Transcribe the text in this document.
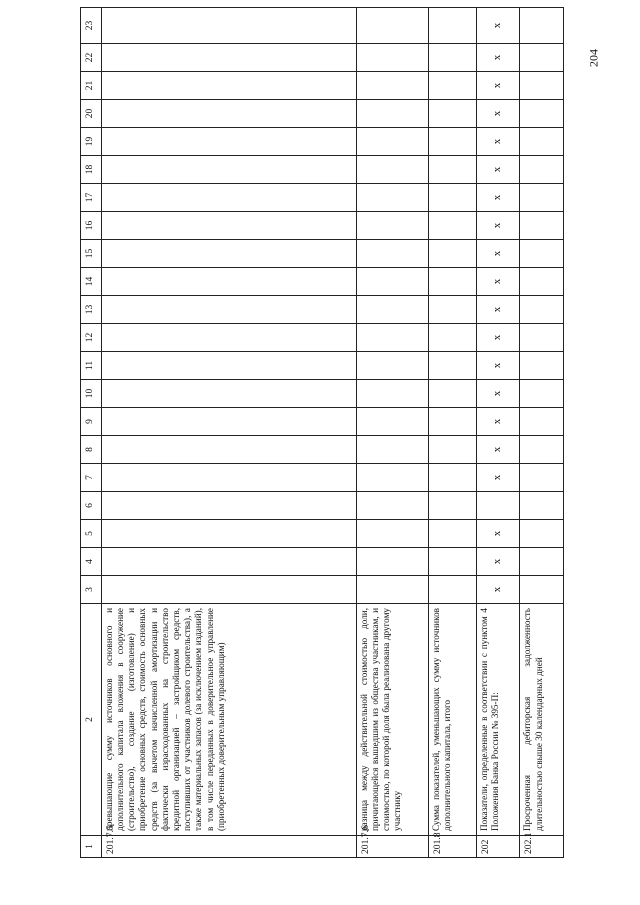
204
1	2	3	4	5	6	7	8	9	10	11	12	13	14	15	16	17	18	19	20	21	22	23
201.7.5	превышающие сумму источников основного и дополнительного капитала вложения в сооружение (строительство), создание (изготовление) и приобретение основных средств, стоимость основных средств (за вычетом начисленной амортизации и фактически израсходованных на строительство кредитной организацией – застройщиком средств, поступивших от участников долевого строительства), а также материальных запасов (за исключением изданий), в том числе переданных в доверительное управление (приобретенных доверительным управляющим)																					
201.7.6	разница между действительной стоимостью доли, причитающейся вышедшим из общества участникам, и стоимостью, по которой доля была реализована другому участнику																					
201.8	Сумма показателей, уменьшающих сумму источников дополнительного капитала, итого																					
202	Показатели, определенные в соответствии с пунктом 4 Положения Банка России № 395-П:	x	x	x		x	x	x	x	x	x	x	x	x	x	x	x	x	x	x	x	x
202.1	Просроченная дебиторская задолженность длительностью свыше 30 календарных дней																					
